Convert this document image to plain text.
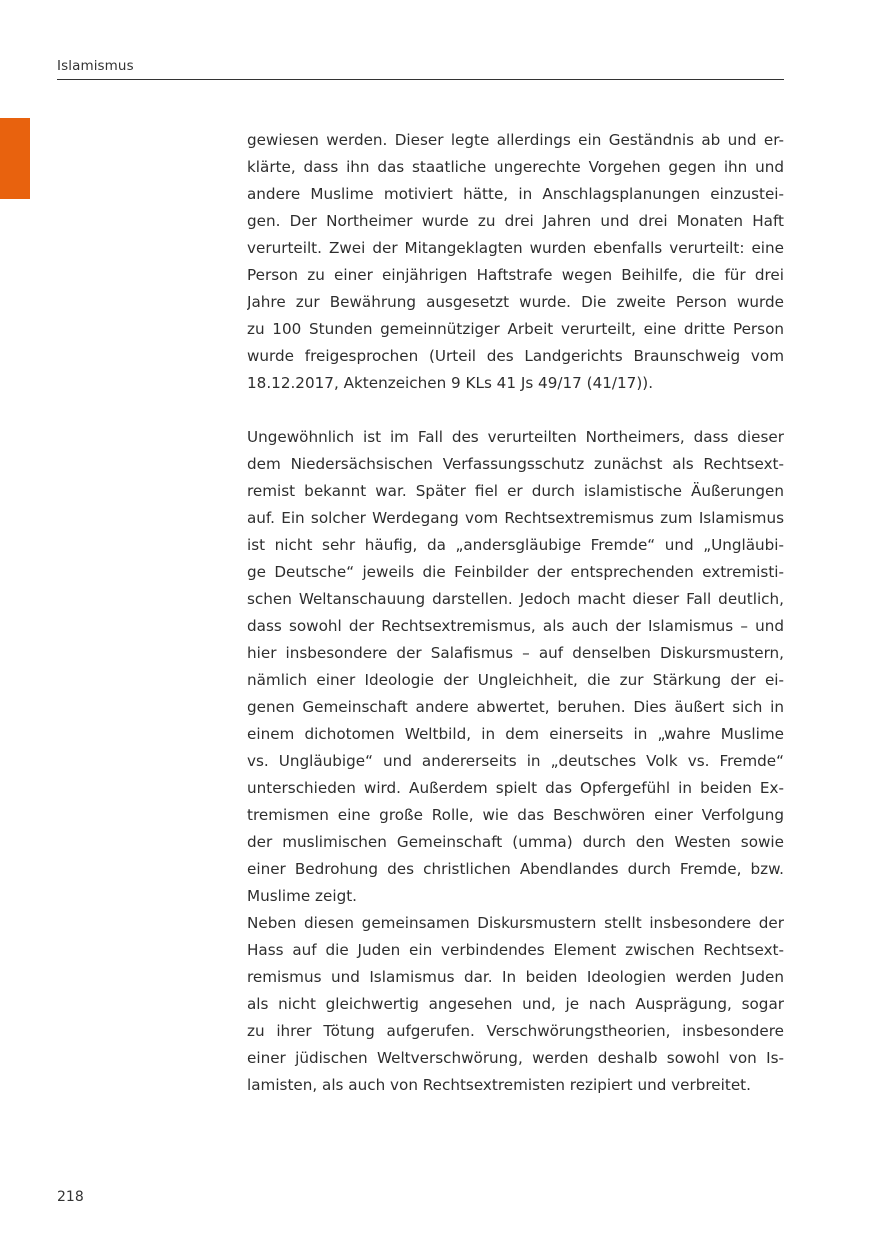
Islamismus
gewiesen werden. Dieser legte allerdings ein Geständnis ab und er-
klärte, dass ihn das staatliche ungerechte Vorgehen gegen ihn und
andere Muslime motiviert hätte, in Anschlagsplanungen einzustei-
gen. Der Northeimer wurde zu drei Jahren und drei Monaten Haft
verurteilt. Zwei der Mitangeklagten wurden ebenfalls verurteilt: eine
Person zu einer einjährigen Haftstrafe wegen Beihilfe, die für drei
Jahre zur Bewährung ausgesetzt wurde. Die zweite Person wurde
zu 100 Stunden gemeinnütziger Arbeit verurteilt, eine dritte Person
wurde freigesprochen (Urteil des Landgerichts Braunschweig vom
18.12.2017, Aktenzeichen 9 KLs 41 Js 49/17 (41/17)).
Ungewöhnlich ist im Fall des verurteilten Northeimers, dass dieser
dem Niedersächsischen Verfassungsschutz zunächst als Rechtsext-
remist bekannt war. Später fiel er durch islamistische Äußerungen
auf. Ein solcher Werdegang vom Rechtsextremismus zum Islamismus
ist nicht sehr häufig, da „andersgläubige Fremde“ und „Ungläubi-
ge Deutsche“ jeweils die Feinbilder der entsprechenden extremisti-
schen Weltanschauung darstellen. Jedoch macht dieser Fall deutlich,
dass sowohl der Rechtsextremismus, als auch der Islamismus – und
hier insbesondere der Salafismus – auf denselben Diskursmustern,
nämlich einer Ideologie der Ungleichheit, die zur Stärkung der ei-
genen Gemeinschaft andere abwertet, beruhen. Dies äußert sich in
einem dichotomen Weltbild, in dem einerseits in „wahre Muslime
vs. Ungläubige“ und andererseits in „deutsches Volk vs. Fremde“
unterschieden wird. Außerdem spielt das Opfergefühl in beiden Ex-
tremismen eine große Rolle, wie das Beschwören einer Verfolgung
der muslimischen Gemeinschaft (umma) durch den Westen sowie
einer Bedrohung des christlichen Abendlandes durch Fremde, bzw.
Muslime zeigt.
Neben diesen gemeinsamen Diskursmustern stellt insbesondere der
Hass auf die Juden ein verbindendes Element zwischen Rechtsext-
remismus und Islamismus dar. In beiden Ideologien werden Juden
als nicht gleichwertig angesehen und, je nach Ausprägung, sogar
zu ihrer Tötung aufgerufen. Verschwörungstheorien, insbesondere
einer jüdischen Weltverschwörung, werden deshalb sowohl von Is-
lamisten, als auch von Rechtsextremisten rezipiert und verbreitet.
218
